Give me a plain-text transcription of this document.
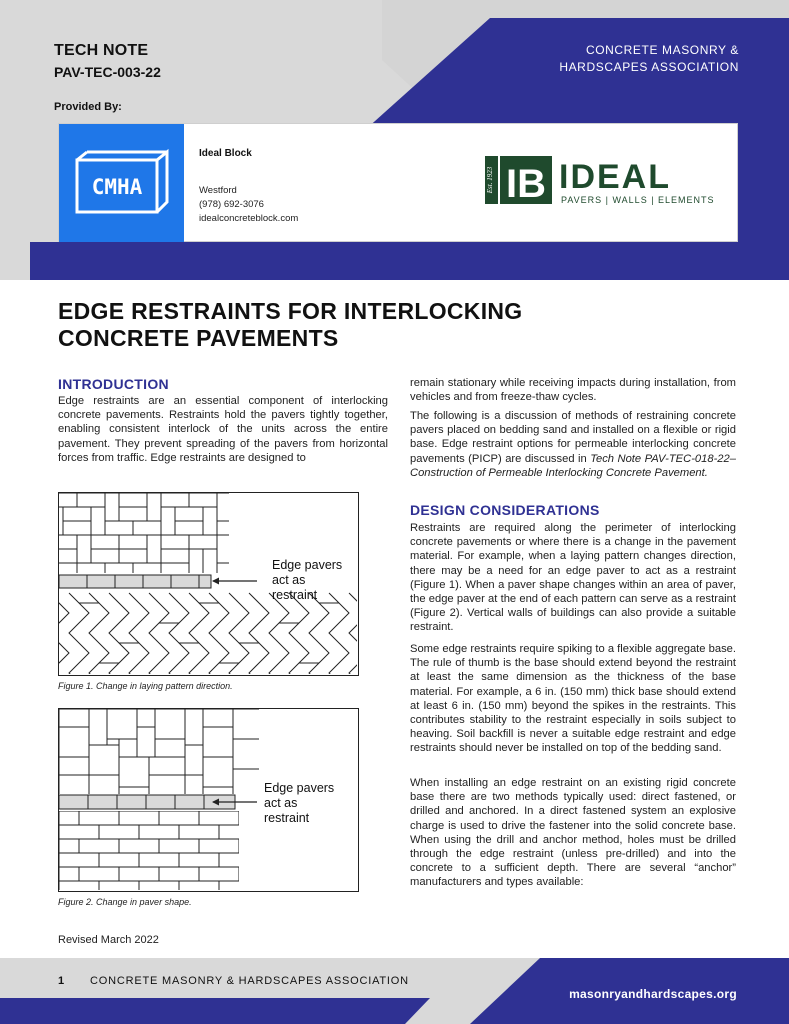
TECH NOTE
PAV-TEC-003-22
CONCRETE MASONRY &
HARDSCAPES ASSOCIATION
Provided By:
CMHA
Ideal Block
Westford
(978) 692-3076
idealconcreteblock.com
Est. 1923 IB IDEAL
PAVERS | WALLS | ELEMENTS
EDGE RESTRAINTS FOR INTERLOCKING
CONCRETE PAVEMENTS
INTRODUCTION

Edge restraints are an essential component of interlocking concrete pavements. Restraints hold the pavers tightly together, enabling consistent interlock of the units across the entire pavement. They prevent spreading of the pavers from horizontal forces from traffic. Edge restraints are designed to

Edge pavers
act as
restraint
Figure 1. Change in laying pattern direction.
Edge pavers
act as
restraint
Figure 2. Change in paver shape.

remain stationary while receiving impacts during installation, from vehicles and from freeze-thaw cycles.

The following is a discussion of methods of restraining concrete pavers placed on bedding sand and installed on a flexible or rigid base. Edge restraint options for permeable interlocking concrete pavements (PICP) are discussed in Tech Note PAV-TEC-018-22–Construction of Permeable Interlocking Concrete Pavement.

DESIGN CONSIDERATIONS

Restraints are required along the perimeter of interlocking concrete pavements or where there is a change in the pavement material. For example, when a laying pattern changes direction, there may be a need for an edge paver to act as a restraint (Figure 1). When a paver shape changes within an area of paver, the edge paver at the end of each pattern can serve as a restraint (Figure 2). Vertical walls of buildings can also provide a suitable restraint.

Some edge restraints require spiking to a flexible aggregate base. The rule of thumb is the base should extend beyond the restraint at least the same dimension as the thickness of the base material. For example, a 6 in. (150 mm) thick base should extend at least 6 in. (150 mm) beyond the spikes in the restraints. This contributes stability to the restraint especially in soils subject to heaving. Soil backfill is never a suitable edge restraint and edge restraints should never be installed on top of the bedding sand.

When installing an edge restraint on an existing rigid concrete base there are two methods typically used: direct fastened, or drilled and anchored. In a direct fastened system an explosive charge is used to drive the fastener into the solid concrete base. When using the drill and anchor method, holes must be drilled through the edge restraint (unless pre-drilled) and into the concrete to a sufficient depth. There are several “anchor” manufacturers and types available:

Revised March 2022
1 CONCRETE MASONRY & HARDSCAPES ASSOCIATION
masonryandhardscapes.org
